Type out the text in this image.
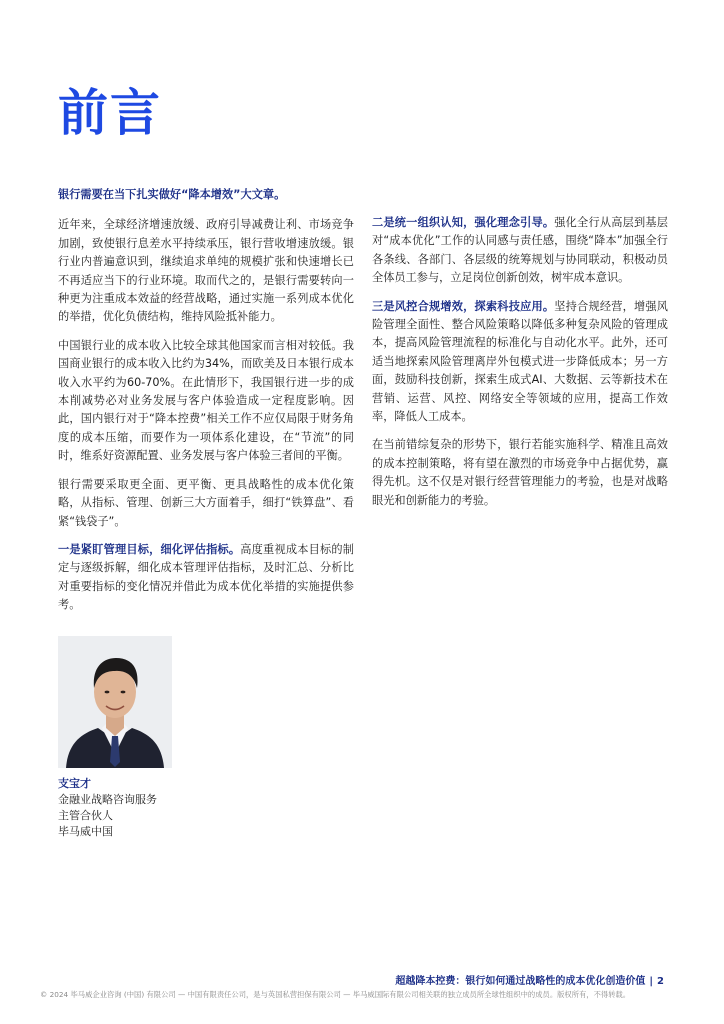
前言

银行需要在当下扎实做好“降本增效”大文章。

近年来，全球经济增速放缓、政府引导减费让利、市场竞争加剧，致使银行息差水平持续承压，银行营收增速放缓。银行业内普遍意识到，继续追求单纯的规模扩张和快速增长已不再适应当下的行业环境。取而代之的，是银行需要转向一种更为注重成本效益的经营战略，通过实施一系列成本优化的举措，优化负债结构，维持风险抵补能力。

中国银行业的成本收入比较全球其他国家而言相对较低。我国商业银行的成本收入比约为34%，而欧美及日本银行成本收入水平约为60-70%。在此情形下，我国银行进一步的成本削减势必对业务发展与客户体验造成一定程度影响。因此，国内银行对于“降本控费”相关工作不应仅局限于财务角度的成本压缩，而要作为一项体系化建设，在“节流”的同时，维系好资源配置、业务发展与客户体验三者间的平衡。

银行需要采取更全面、更平衡、更具战略性的成本优化策略，从指标、管理、创新三大方面着手，细打“铁算盘”、看紧“钱袋子”。

一是紧盯管理目标，细化评估指标。高度重视成本目标的制定与逐级拆解，细化成本管理评估指标，及时汇总、分析比对重要指标的变化情况并借此为成本优化举措的实施提供参考。

二是统一组织认知，强化理念引导。强化全行从高层到基层对“成本优化”工作的认同感与责任感，围绕“降本”加强全行各条线、各部门、各层级的统筹规划与协同联动，积极动员全体员工参与，立足岗位创新创效，树牢成本意识。

三是风控合规增效，探索科技应用。坚持合规经营，增强风险管理全面性、整合风险策略以降低多种复杂风险的管理成本，提高风险管理流程的标准化与自动化水平。此外，还可适当地探索风险管理离岸外包模式进一步降低成本；另一方面，鼓励科技创新，探索生成式AI、大数据、云等新技术在营销、运营、风控、网络安全等领域的应用，提高工作效率，降低人工成本。

在当前错综复杂的形势下，银行若能实施科学、精准且高效的成本控制策略，将有望在激烈的市场竞争中占据优势，赢得先机。这不仅是对银行经营管理能力的考验，也是对战略眼光和创新能力的考验。

支宝才
金融业战略咨询服务
主管合伙人
毕马威中国
超越降本控费：银行如何通过战略性的成本优化创造价值 | 2
© 2024 毕马威企业咨询 (中国) 有限公司 — 中国有限责任公司，是与英国私营担保有限公司 — 毕马威国际有限公司相关联的独立成员所全球性组织中的成员。版权所有，不得转载。
